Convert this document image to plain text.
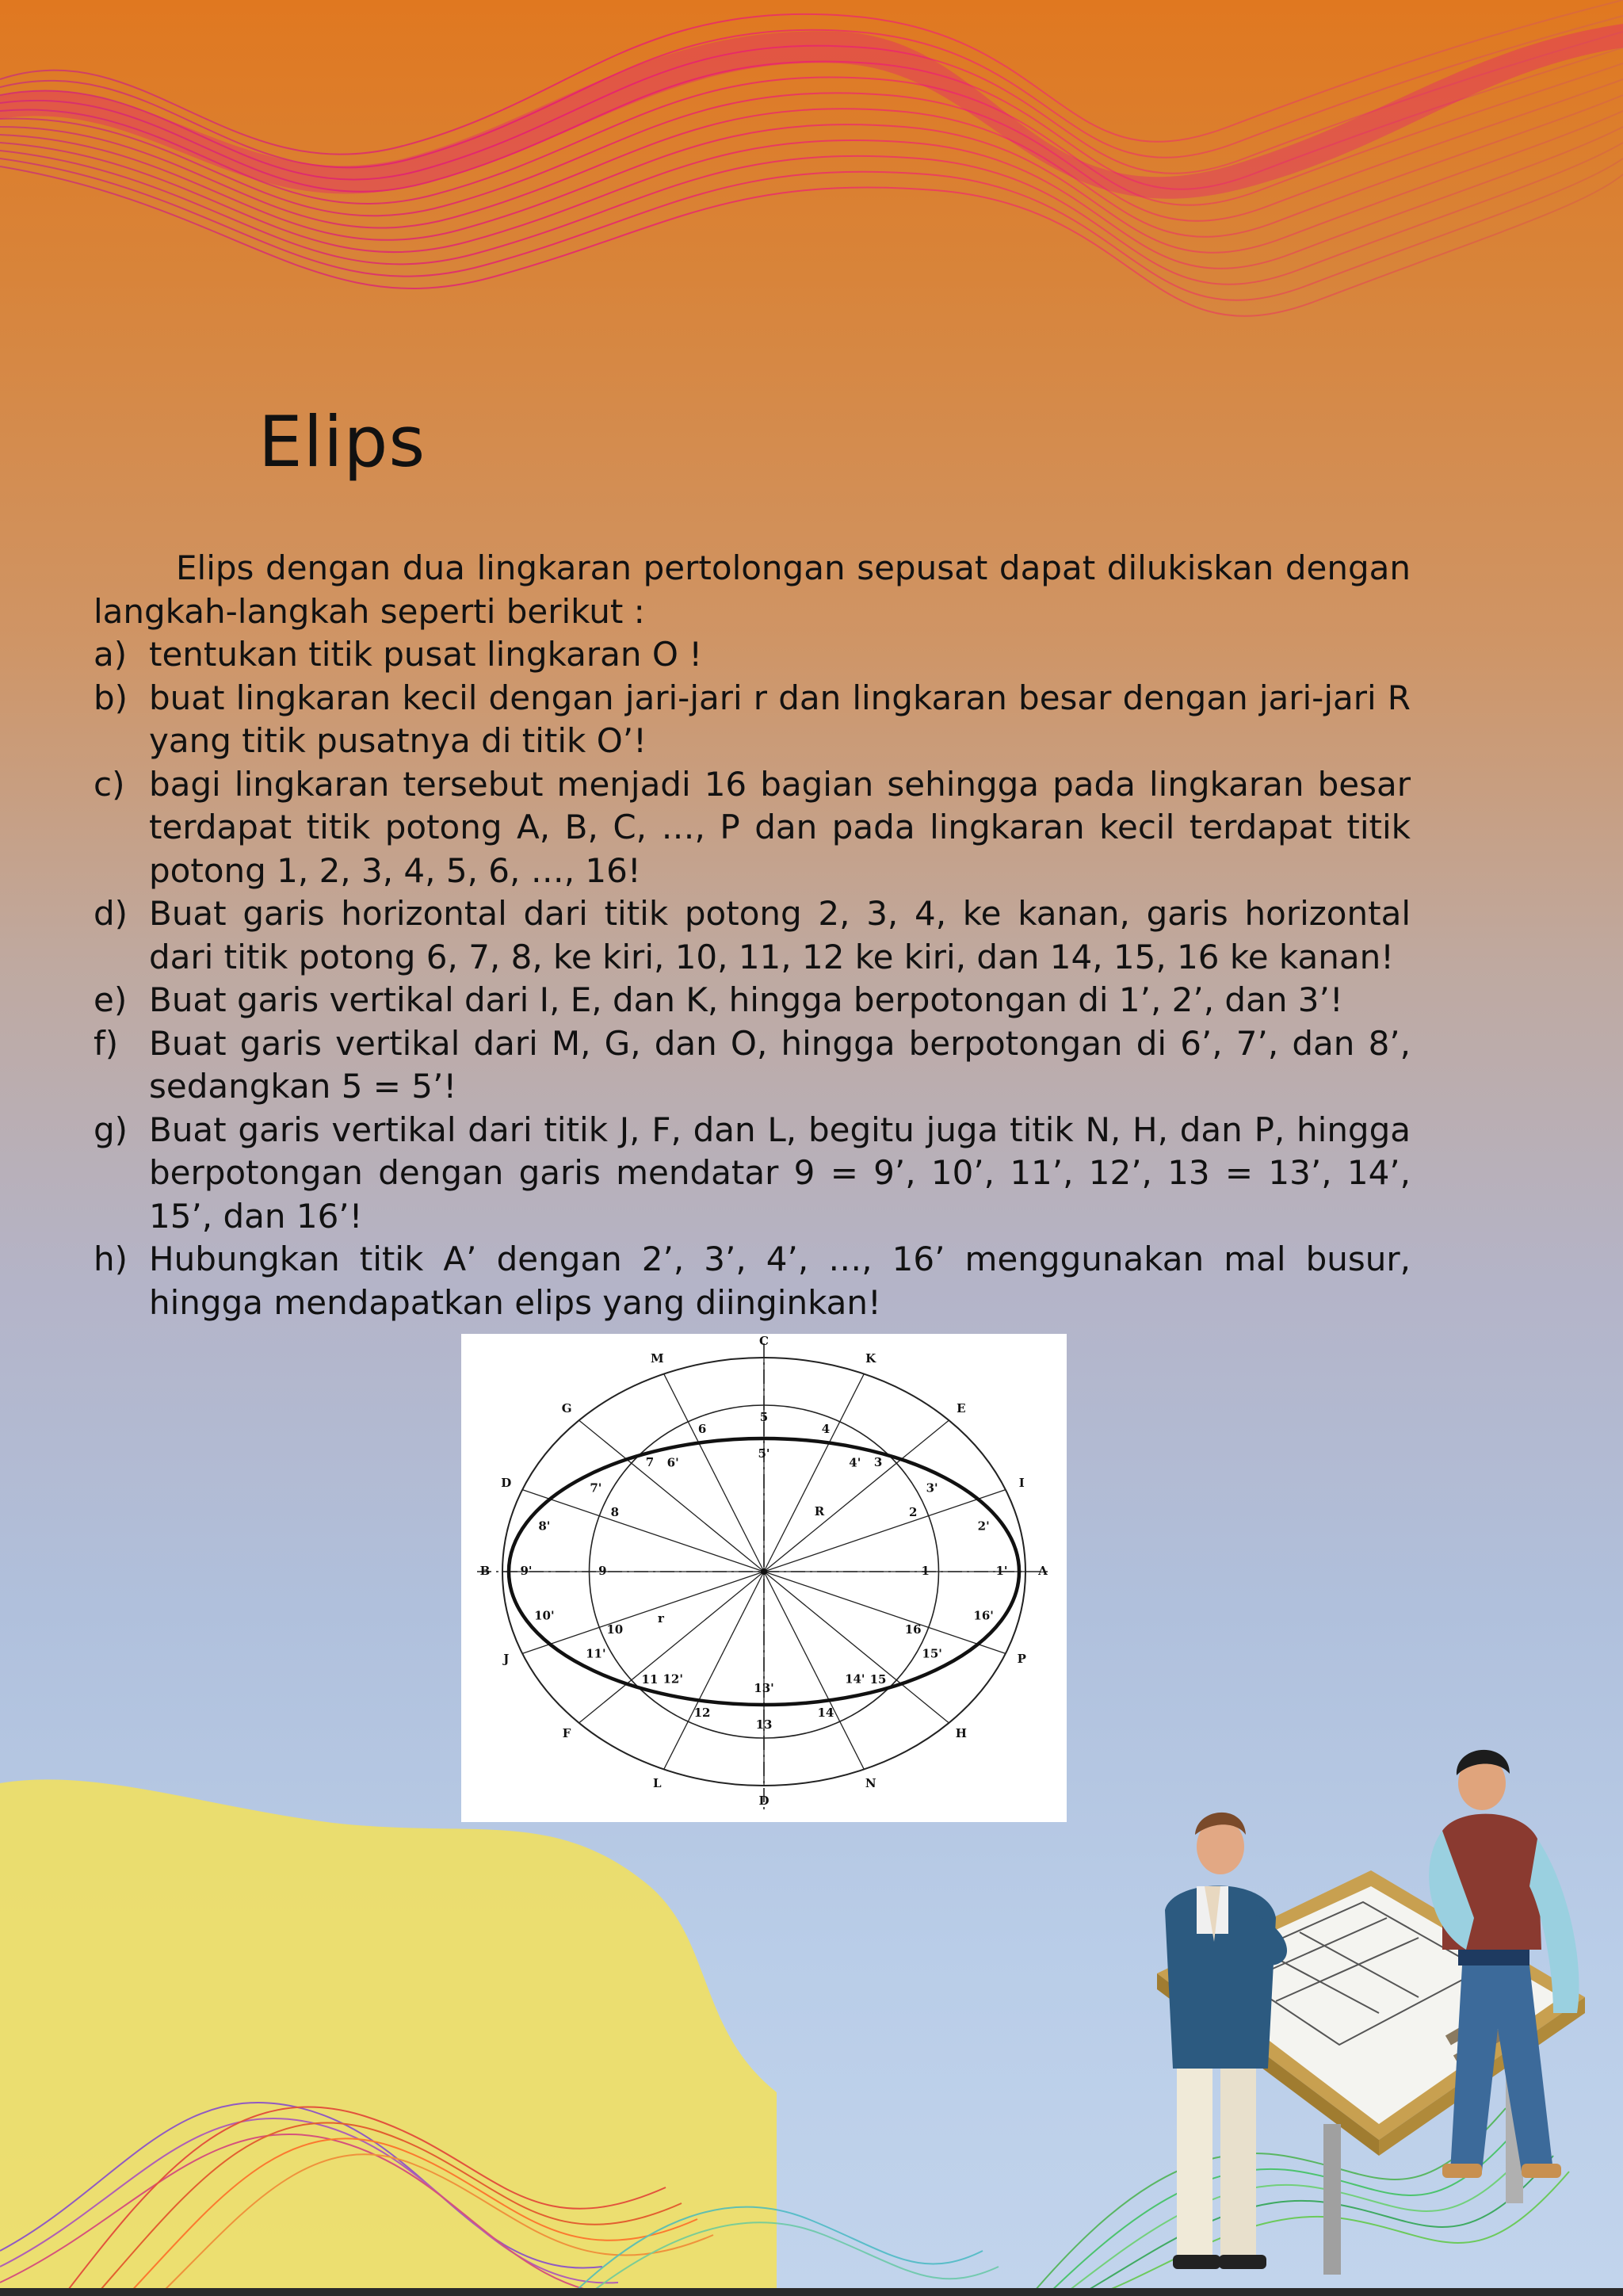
Elips

Elips dengan dua lingkaran pertolongan sepusat dapat dilukiskan dengan langkah-langkah seperti berikut :

a) tentukan titik pusat lingkaran O !
b) buat lingkaran kecil dengan jari-jari r dan lingkaran besar dengan jari-jari R yang titik pusatnya di titik O’!
c) bagi lingkaran tersebut menjadi 16 bagian sehingga pada lingkaran besar terdapat titik potong A, B, C, …, P dan pada lingkaran kecil terdapat titik potong 1, 2, 3, 4, 5, 6, …, 16!
d) Buat garis horizontal dari titik potong 2, 3, 4, ke kanan, garis horizontal dari titik potong 6, 7, 8, ke kiri, 10, 11, 12 ke kiri, dan 14, 15, 16 ke kanan!
e) Buat garis vertikal dari I, E, dan K, hingga berpotongan di 1’, 2’, dan 3’!
f) Buat garis vertikal dari M, G, dan O, hingga berpotongan di 6’, 7’, dan 8’, sedangkan 5 = 5’!
g) Buat garis vertikal dari titik J, F, dan L, begitu juga titik N, H, dan P, hingga berpotongan dengan garis mendatar 9 = 9’, 10’, 11’, 12’, 13 = 13’, 14’, 15’, dan 16’!
h) Hubungkan titik A’ dengan 2’, 3’, 4’, …, 16’ menggunakan mal busur, hingga mendapatkan elips yang diinginkan!
C
5
5'
K
4
4'
E
3
3'	I
2
2'
A
1	1'
P
16
16'
H
15
15'
N
14
14'
D
13
13'
L
12
12'
F
11
11'
J
10
10'
B	9
9'
D
8
8'
G
7
7'
M
6
6'
R
r
